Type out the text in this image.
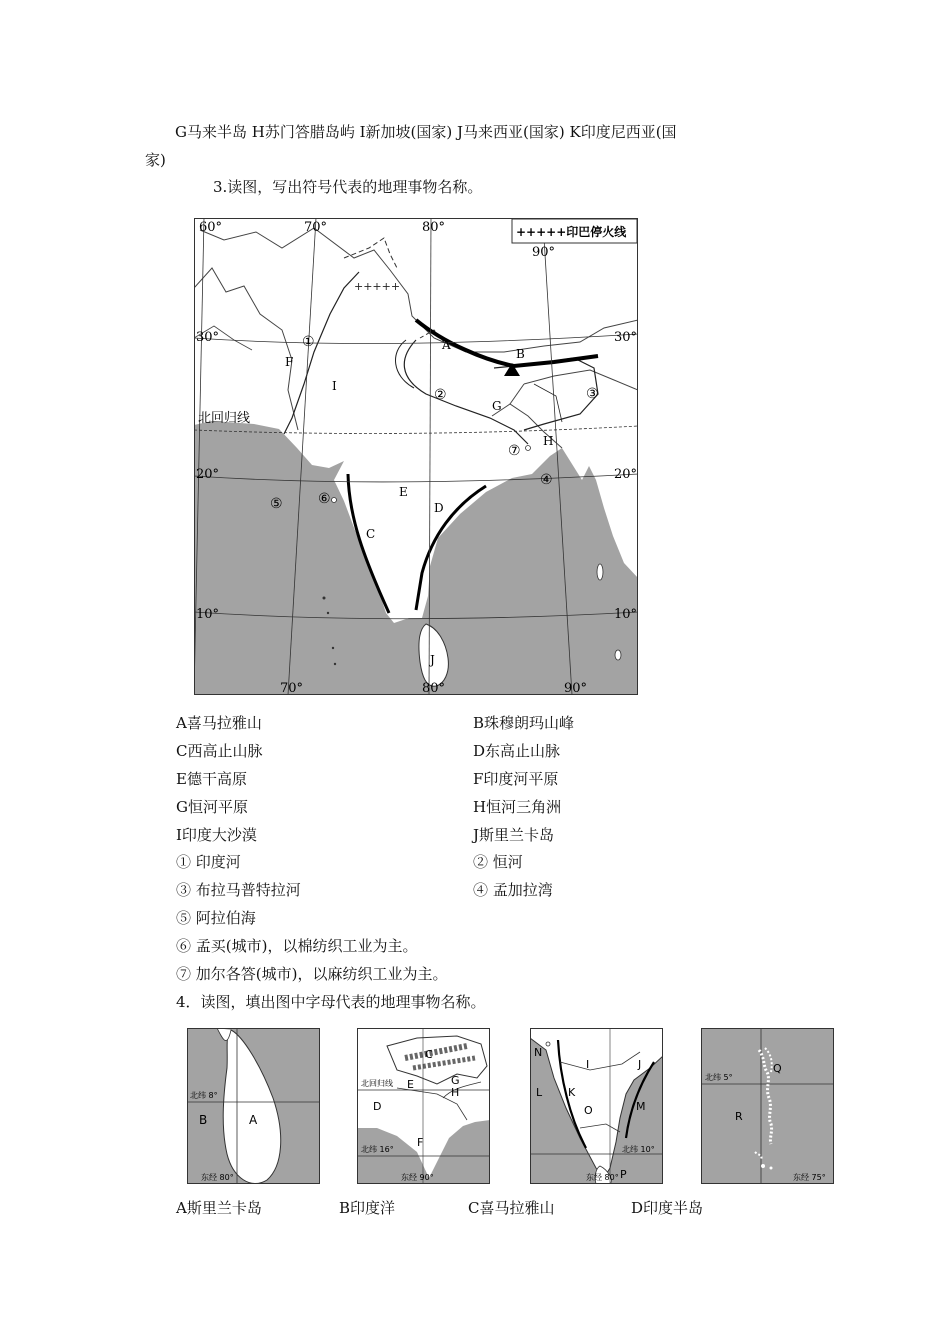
G马来半岛 H苏门答腊岛屿 I新加坡(国家) J马来西亚(国家) K印度尼西亚(国
家)
3.读图，写出符号代表的地理事物名称。
+++++
60°	70°	80°
90°
70°	80°	90°
30°	30°
20°	20°
10°	10°
北回归线
+++++印巴停火线
A
B
C
D
E
F
G
H
I
J
①
②	③
④
⑤	⑥
⑦
A喜马拉雅山	B珠穆朗玛山峰
C西高止山脉	D东高止山脉
E德干高原	F印度河平原
G恒河平原	H恒河三角洲
I印度大沙漠	J斯里兰卡岛
① 印度河	② 恒河
③ 布拉马普特拉河	④ 孟加拉湾
⑤ 阿拉伯海
⑥ 孟买(城市)，以棉纺织工业为主。
⑦ 加尔各答(城市)，以麻纺织工业为主。
4．读图，填出图中字母代表的地理事物名称。
北纬 8°
东经 80°
B	A
北回归线
北纬 16°
东经 90°
C
E
D
F
G
H
北纬 10°
东经 80°
N
I	J
L K
O	M
P
北纬 5°
东经 75°
Q
R
A斯里兰卡岛	B印度洋	C喜马拉雅山	D印度半岛
